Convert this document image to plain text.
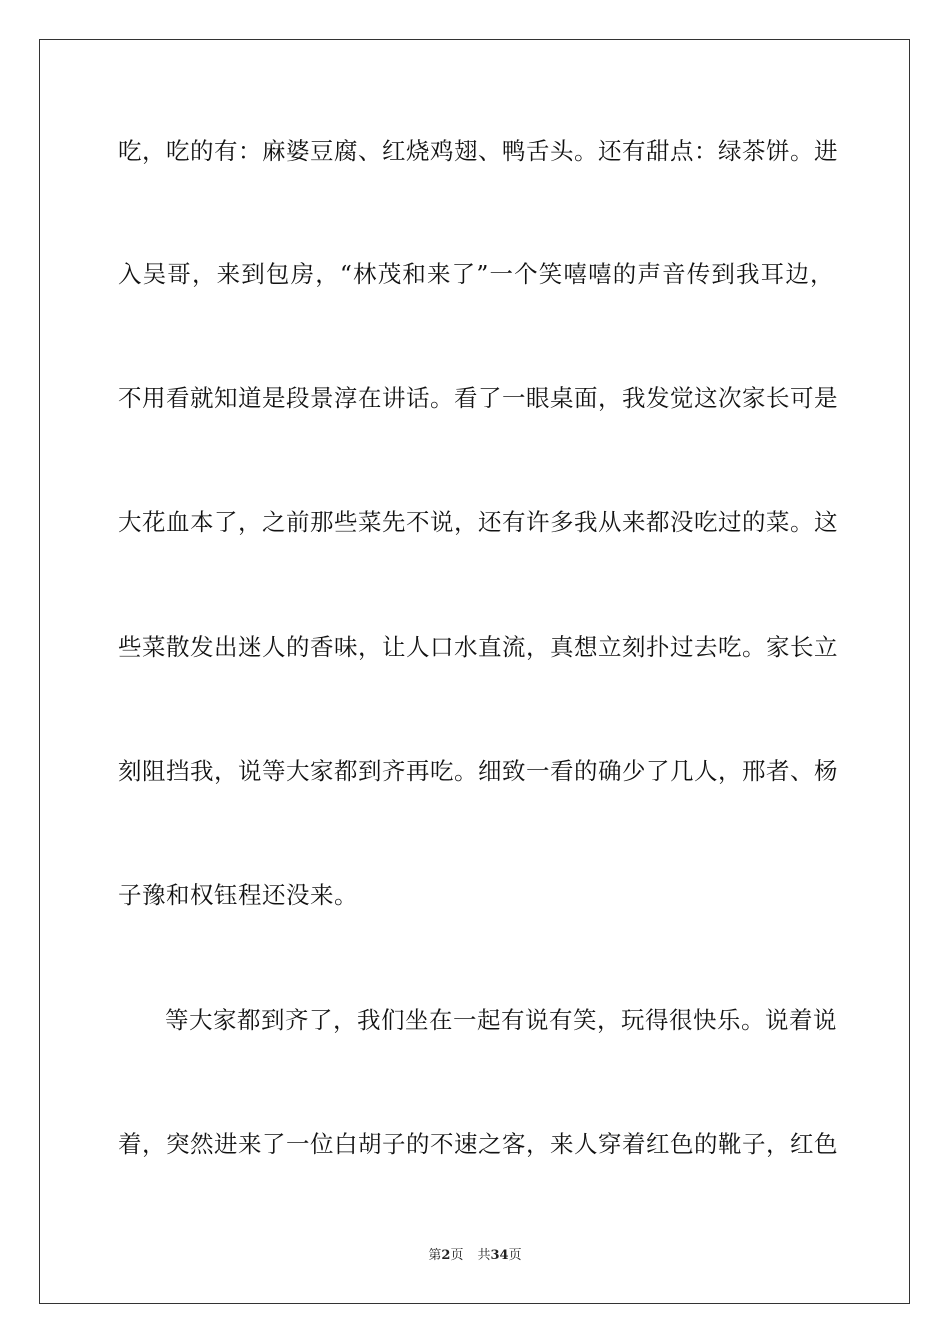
吃，吃的有：麻婆豆腐、红烧鸡翅、鸭舌头。还有甜点：绿茶饼。进
入吴哥，来到包房，“林茂和来了”一个笑嘻嘻的声音传到我耳边，
不用看就知道是段景淳在讲话。看了一眼桌面，我发觉这次家长可是
大花血本了，之前那些菜先不说，还有许多我从来都没吃过的菜。这
些菜散发出迷人的香味，让人口水直流，真想立刻扑过去吃。家长立
刻阻挡我，说等大家都到齐再吃。细致一看的确少了几人，邢者、杨
子豫和权钰程还没来。
等大家都到齐了，我们坐在一起有说有笑，玩得很快乐。说着说
着，突然进来了一位白胡子的不速之客，来人穿着红色的靴子，红色
第2页 共34页
